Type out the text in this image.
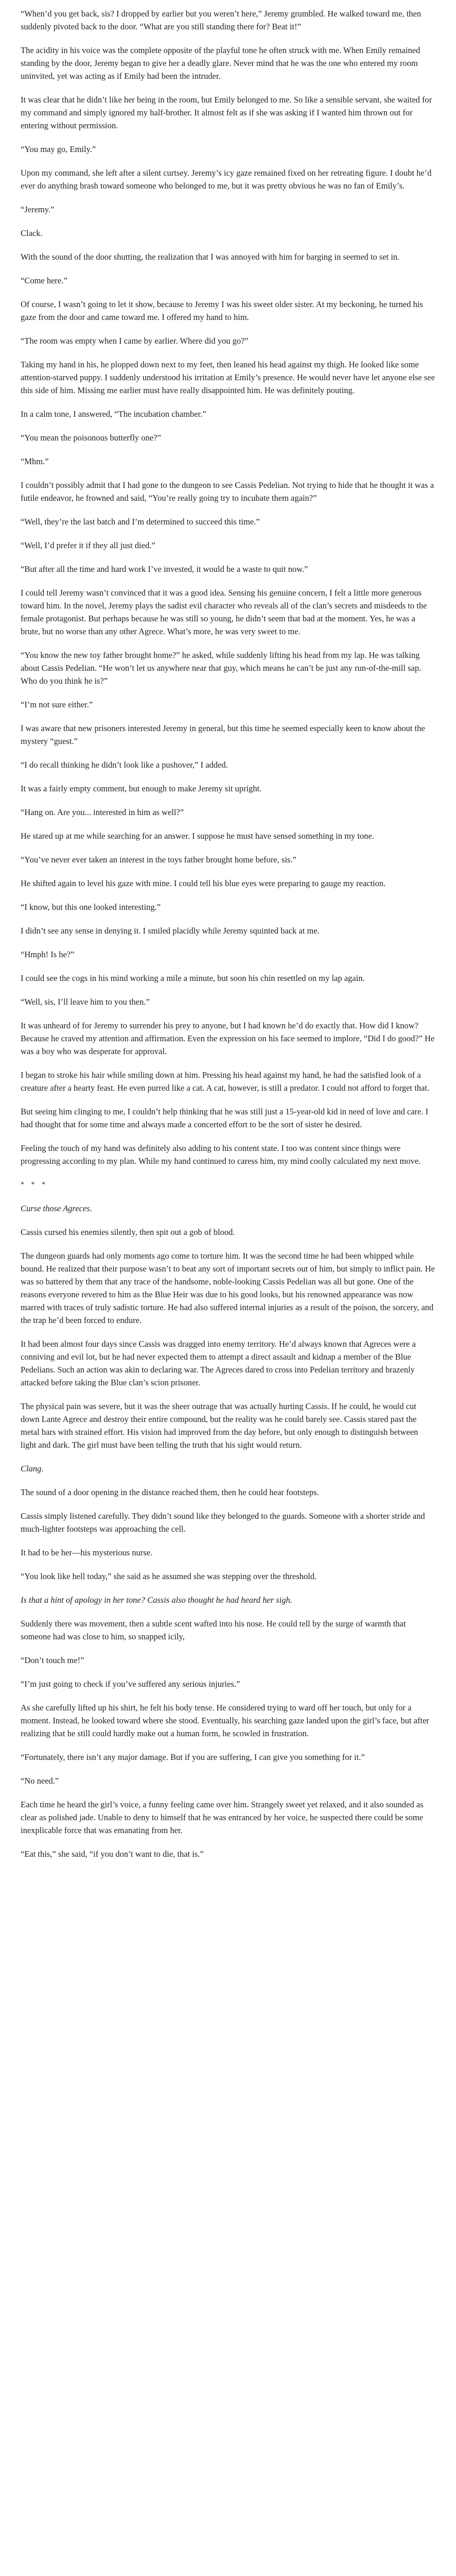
“When’d you get back, sis? I dropped by earlier but you weren’t here,” Jeremy grumbled. He walked toward me, then suddenly pivoted back to the door. “What are you still standing there for? Beat it!”

The acidity in his voice was the complete opposite of the playful tone he often struck with me. When Emily remained standing by the door, Jeremy began to give her a deadly glare. Never mind that he was the one who entered my room uninvited, yet was acting as if Emily had been the intruder.

It was clear that he didn’t like her being in the room, but Emily belonged to me. So like a sensible servant, she waited for my command and simply ignored my half-brother. It almost felt as if she was asking if I wanted him thrown out for entering without permission.

“You may go, Emily.”

Upon my command, she left after a silent curtsey. Jeremy’s icy gaze remained fixed on her retreating figure. I doubt he’d ever do anything brash toward someone who belonged to me, but it was pretty obvious he was no fan of Emily’s.

“Jeremy.”

Clack.

With the sound of the door shutting, the realization that I was annoyed with him for barging in seemed to set in.

“Come here.”

Of course, I wasn’t going to let it show, because to Jeremy I was his sweet older sister. At my beckoning, he turned his gaze from the door and came toward me. I offered my hand to him.

“The room was empty when I came by earlier. Where did you go?”

Taking my hand in his, he plopped down next to my feet, then leaned his head against my thigh. He looked like some attention-starved puppy. I suddenly understood his irritation at Emily’s presence. He would never have let anyone else see this side of him. Missing me earlier must have really disappointed him. He was definitely pouting.

In a calm tone, I answered, “The incubation chamber.”

“You mean the poisonous butterfly one?”

“Mhm.”

I couldn’t possibly admit that I had gone to the dungeon to see Cassis Pedelian. Not trying to hide that he thought it was a futile endeavor, he frowned and said, “You’re really going try to incubate them again?”

“Well, they’re the last batch and I’m determined to succeed this time.”

“Well, I’d prefer it if they all just died.”

“But after all the time and hard work I’ve invested, it would be a waste to quit now.”

I could tell Jeremy wasn’t convinced that it was a good idea. Sensing his genuine concern, I felt a little more generous toward him. In the novel, Jeremy plays the sadist evil character who reveals all of the clan’s secrets and misdeeds to the female protagonist. But perhaps because he was still so young, he didn’t seem that bad at the moment. Yes, he was a brute, but no worse than any other Agrece. What’s more, he was very sweet to me.

“You know the new toy father brought home?” he asked, while suddenly lifting his head from my lap. He was talking about Cassis Pedelian. “He won’t let us anywhere near that guy, which means he can’t be just any run-of-the-mill sap. Who do you think he is?”

“I’m not sure either.”

I was aware that new prisoners interested Jeremy in general, but this time he seemed especially keen to know about the mystery “guest.”

“I do recall thinking he didn’t look like a pushover,” I added.

It was a fairly empty comment, but enough to make Jeremy sit upright.

“Hang on. Are you... interested in him as well?”

He stared up at me while searching for an answer. I suppose he must have sensed something in my tone.

“You’ve never ever taken an interest in the toys father brought home before, sis.”

He shifted again to level his gaze with mine. I could tell his blue eyes were preparing to gauge my reaction.

“I know, but this one looked interesting.”

I didn’t see any sense in denying it. I smiled placidly while Jeremy squinted back at me.

“Hmph! Is he?”

I could see the cogs in his mind working a mile a minute, but soon his chin resettled on my lap again.

“Well, sis, I’ll leave him to you then.”

It was unheard of for Jeremy to surrender his prey to anyone, but I had known he’d do exactly that. How did I know? Because he craved my attention and affirmation. Even the expression on his face seemed to implore, “Did I do good?” He was a boy who was desperate for approval.

I began to stroke his hair while smiling down at him. Pressing his head against my hand, he had the satisfied look of a creature after a hearty feast. He even purred like a cat. A cat, however, is still a predator. I could not afford to forget that.

But seeing him clinging to me, I couldn’t help thinking that he was still just a 15-year-old kid in need of love and care. I had thought that for some time and always made a concerted effort to be the sort of sister he desired.

Feeling the touch of my hand was definitely also adding to his content state. I too was content since things were progressing according to my plan. While my hand continued to caress him, my mind coolly calculated my next move.

* * *

Curse those Agreces.

Cassis cursed his enemies silently, then spit out a gob of blood.

The dungeon guards had only moments ago come to torture him. It was the second time he had been whipped while bound. He realized that their purpose wasn’t to beat any sort of important secrets out of him, but simply to inflict pain. He was so battered by them that any trace of the handsome, noble-looking Cassis Pedelian was all but gone. One of the reasons everyone revered to him as the Blue Heir was due to his good looks, but his renowned appearance was now marred with traces of truly sadistic torture. He had also suffered internal injuries as a result of the poison, the sorcery, and the trap he’d been forced to endure.

It had been almost four days since Cassis was dragged into enemy territory. He’d always known that Agreces were a conniving and evil lot, but he had never expected them to attempt a direct assault and kidnap a member of the Blue Pedelians. Such an action was akin to declaring war. The Agreces dared to cross into Pedelian territory and brazenly attacked before taking the Blue clan’s scion prisoner.

The physical pain was severe, but it was the sheer outrage that was actually hurting Cassis. If he could, he would cut down Lante Agrece and destroy their entire compound, but the reality was he could barely see. Cassis stared past the metal bars with strained effort. His vision had improved from the day before, but only enough to distinguish between light and dark. The girl must have been telling the truth that his sight would return.

Clang.

The sound of a door opening in the distance reached them, then he could hear footsteps.

Cassis simply listened carefully. They didn’t sound like they belonged to the guards. Someone with a shorter stride and much-lighter footsteps was approaching the cell.

It had to be her—his mysterious nurse.

“You look like hell today,” she said as he assumed she was stepping over the threshold.

Is that a hint of apology in her tone? Cassis also thought he had heard her sigh.

Suddenly there was movement, then a subtle scent wafted into his nose. He could tell by the surge of warmth that someone had was close to him, so snapped icily,

“Don’t touch me!”

“I’m just going to check if you’ve suffered any serious injuries.”

As she carefully lifted up his shirt, he felt his body tense. He considered trying to ward off her touch, but only for a moment. Instead, he looked toward where she stood. Eventually, his searching gaze landed upon the girl’s face, but after realizing that he still could hardly make out a human form, he scowled in frustration.

“Fortunately, there isn’t any major damage. But if you are suffering, I can give you something for it.”

“No need.”

Each time he heard the girl’s voice, a funny feeling came over him. Strangely sweet yet relaxed, and it also sounded as clear as polished jade. Unable to deny to himself that he was entranced by her voice, he suspected there could be some inexplicable force that was emanating from her.

“Eat this,” she said, “if you don’t want to die, that is.”
